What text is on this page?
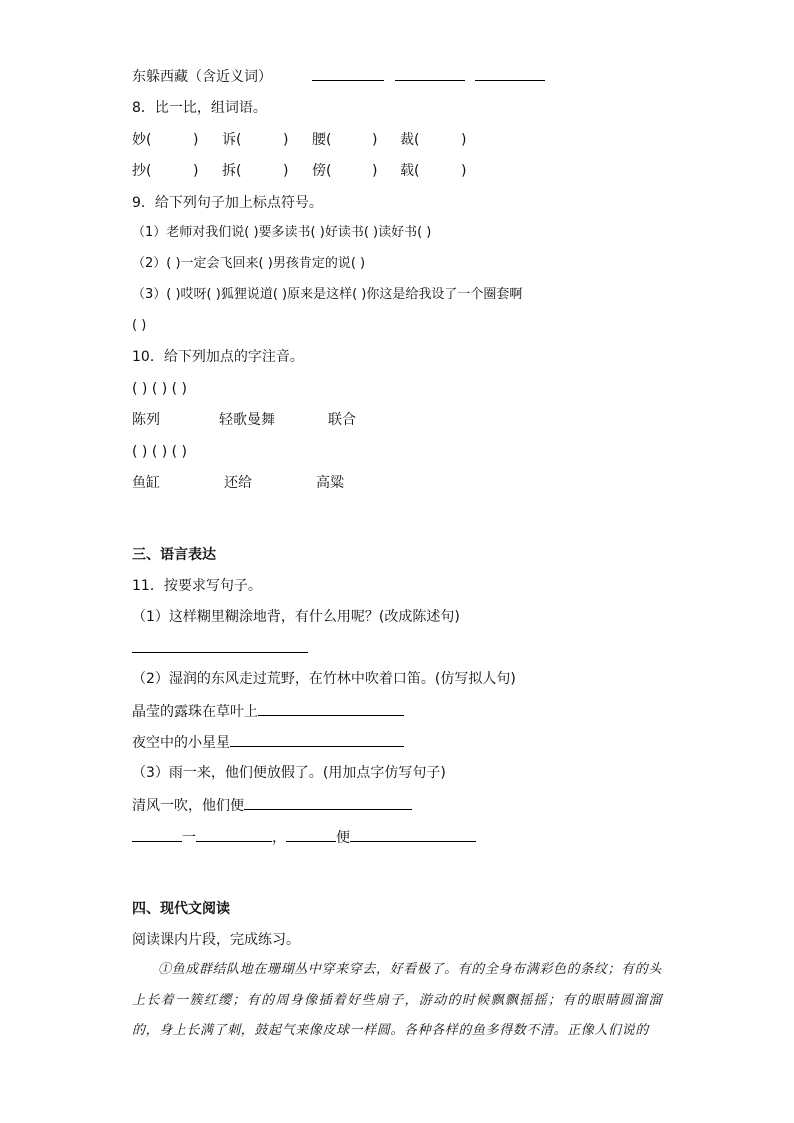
东躲西藏（含近义词）
8．比一比，组词语。
妙(	) 诉(	) 腰(	) 裁(	)
抄(	) 拆(	) 傍(	) 载(	)
9．给下列句子加上标点符号。
（1）老师对我们说( )要多读书( )好读书( )读好书( )
（2）( )一定会飞回来( )男孩肯定的说( )
（3）( )哎呀( )狐狸说道( )原来是这样( )你这是给我设了一个圈套啊
( )
10．给下列加点的字注音。
( ) ( ) ( )
陈列	轻歌曼舞	联合
( ) ( ) ( )
鱼缸	还给	高粱
三、语言表达
11．按要求写句子。
（1）这样糊里糊涂地背，有什么用呢？(改成陈述句)
（2）湿润的东风走过荒野，在竹林中吹着口笛。(仿写拟人句)
晶莹的露珠在草叶上
夜空中的小星星
（3）雨一来，他们便放假了。(用加点字仿写句子)
清风一吹，他们便
一	，	便
四、现代文阅读
阅读课内片段，完成练习。
①鱼成群结队地在珊瑚丛中穿来穿去，好看极了。有的全身布满彩色的条纹；有的头上长着一簇红缨；有的周身像插着好些扇子，游动的时候飘飘摇摇；有的眼睛圆溜溜的，身上长满了刺，鼓起气来像皮球一样圆。各种各样的鱼多得数不清。正像人们说的
